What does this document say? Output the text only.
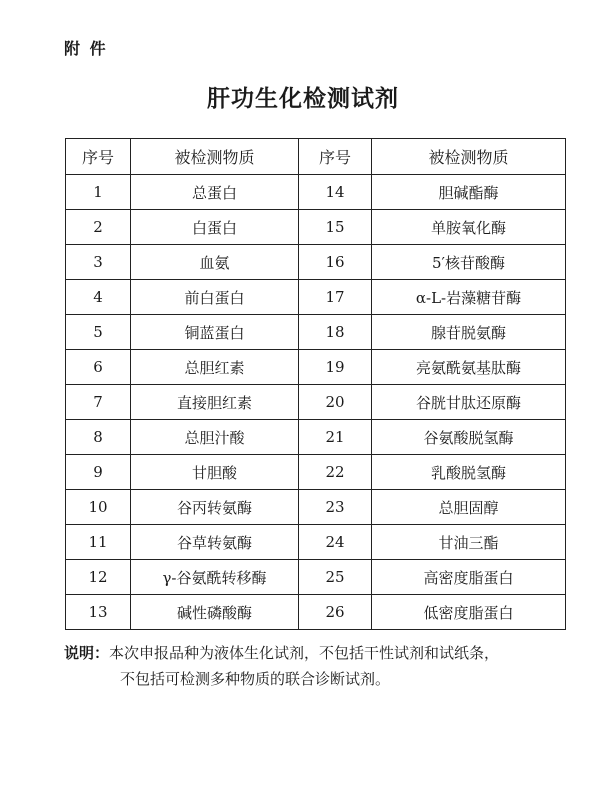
附 件
肝功生化检测试剂
序号	被检测物质	序号	被检测物质
1	总蛋白	14	胆碱酯酶
2	白蛋白	15	单胺氧化酶
3	血氨	16	5′核苷酸酶
4	前白蛋白	17	α-L-岩藻糖苷酶
5	铜蓝蛋白	18	腺苷脱氨酶
6	总胆红素	19	亮氨酰氨基肽酶
7	直接胆红素	20	谷胱甘肽还原酶
8	总胆汁酸	21	谷氨酸脱氢酶
9	甘胆酸	22	乳酸脱氢酶
10	谷丙转氨酶	23	总胆固醇
11	谷草转氨酶	24	甘油三酯
12	γ-谷氨酰转移酶	25	高密度脂蛋白
13	碱性磷酸酶	26	低密度脂蛋白
说明：本次申报品种为液体生化试剂，不包括干性试剂和试纸条，
不包括可检测多种物质的联合诊断试剂。
